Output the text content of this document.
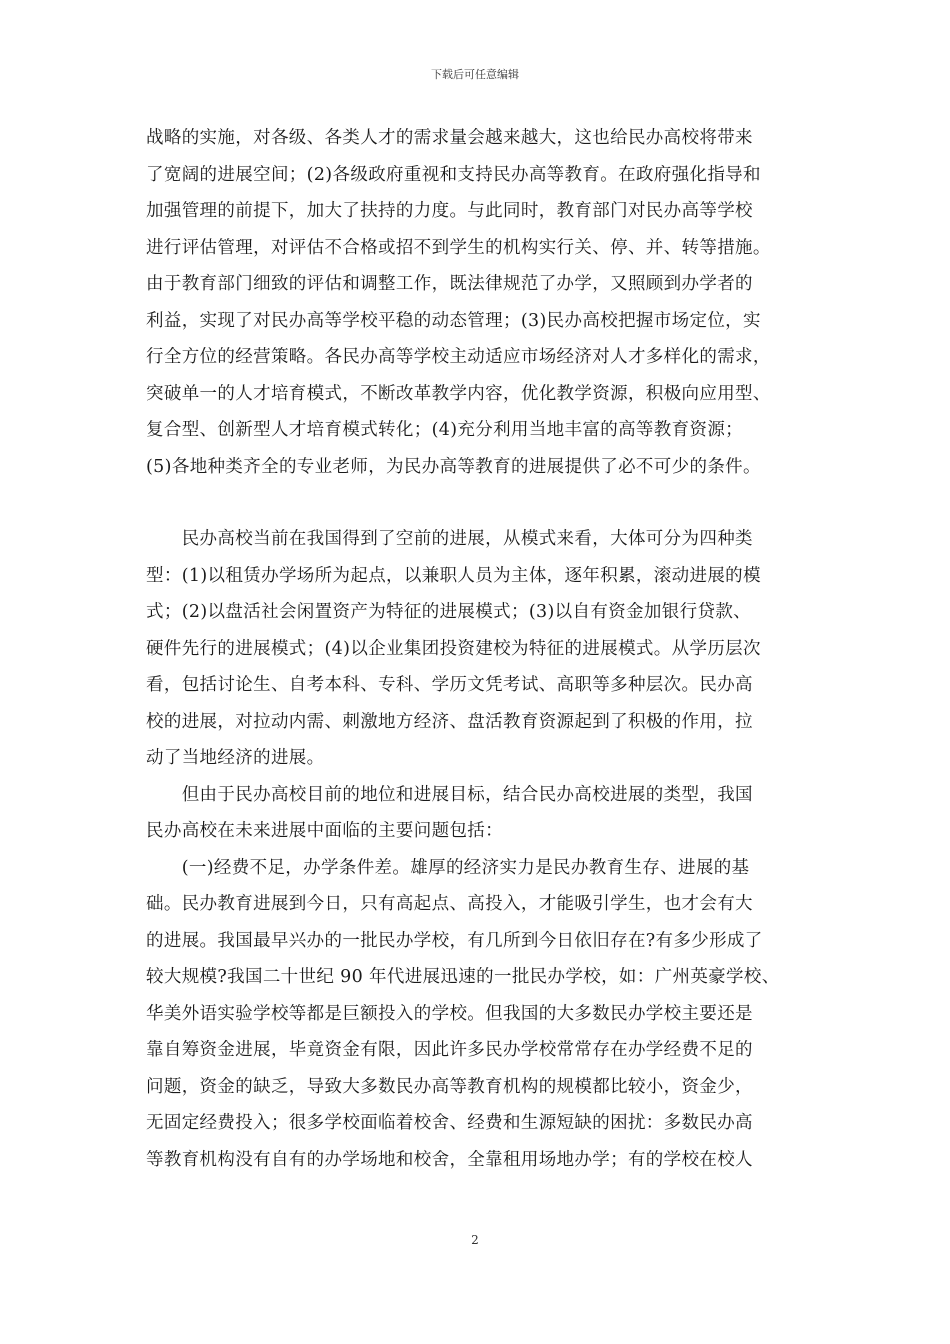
下载后可任意编辑
战略的实施，对各级、各类人才的需求量会越来越大，这也给民办高校将带来
了宽阔的进展空间；(2)各级政府重视和支持民办高等教育。在政府强化指导和
加强管理的前提下，加大了扶持的力度。与此同时，教育部门对民办高等学校
进行评估管理，对评估不合格或招不到学生的机构实行关、停、并、转等措施。
由于教育部门细致的评估和调整工作，既法律规范了办学，又照顾到办学者的
利益，实现了对民办高等学校平稳的动态管理；(3)民办高校把握市场定位，实
行全方位的经营策略。各民办高等学校主动适应市场经济对人才多样化的需求，
突破单一的人才培育模式，不断改革教学内容，优化教学资源，积极向应用型、
复合型、创新型人才培育模式转化；(4)充分利用当地丰富的高等教育资源；
(5)各地种类齐全的专业老师，为民办高等教育的进展提供了必不可少的条件。
　　民办高校当前在我国得到了空前的进展，从模式来看，大体可分为四种类
型：(1)以租赁办学场所为起点，以兼职人员为主体，逐年积累，滚动进展的模
式；(2)以盘活社会闲置资产为特征的进展模式；(3)以自有资金加银行贷款、
硬件先行的进展模式；(4)以企业集团投资建校为特征的进展模式。从学历层次
看，包括讨论生、自考本科、专科、学历文凭考试、高职等多种层次。民办高
校的进展，对拉动内需、刺激地方经济、盘活教育资源起到了积极的作用，拉
动了当地经济的进展。
　　但由于民办高校目前的地位和进展目标，结合民办高校进展的类型，我国
民办高校在未来进展中面临的主要问题包括：
　　(一)经费不足，办学条件差。雄厚的经济实力是民办教育生存、进展的基
础。民办教育进展到今日，只有高起点、高投入，才能吸引学生，也才会有大
的进展。我国最早兴办的一批民办学校，有几所到今日依旧存在?有多少形成了
较大规模?我国二十世纪 90 年代进展迅速的一批民办学校，如：广州英豪学校、
华美外语实验学校等都是巨额投入的学校。但我国的大多数民办学校主要还是
靠自筹资金进展，毕竟资金有限，因此许多民办学校常常存在办学经费不足的
问题，资金的缺乏，导致大多数民办高等教育机构的规模都比较小，资金少，
无固定经费投入；很多学校面临着校舍、经费和生源短缺的困扰：多数民办高
等教育机构没有自有的办学场地和校舍，全靠租用场地办学；有的学校在校人
2
